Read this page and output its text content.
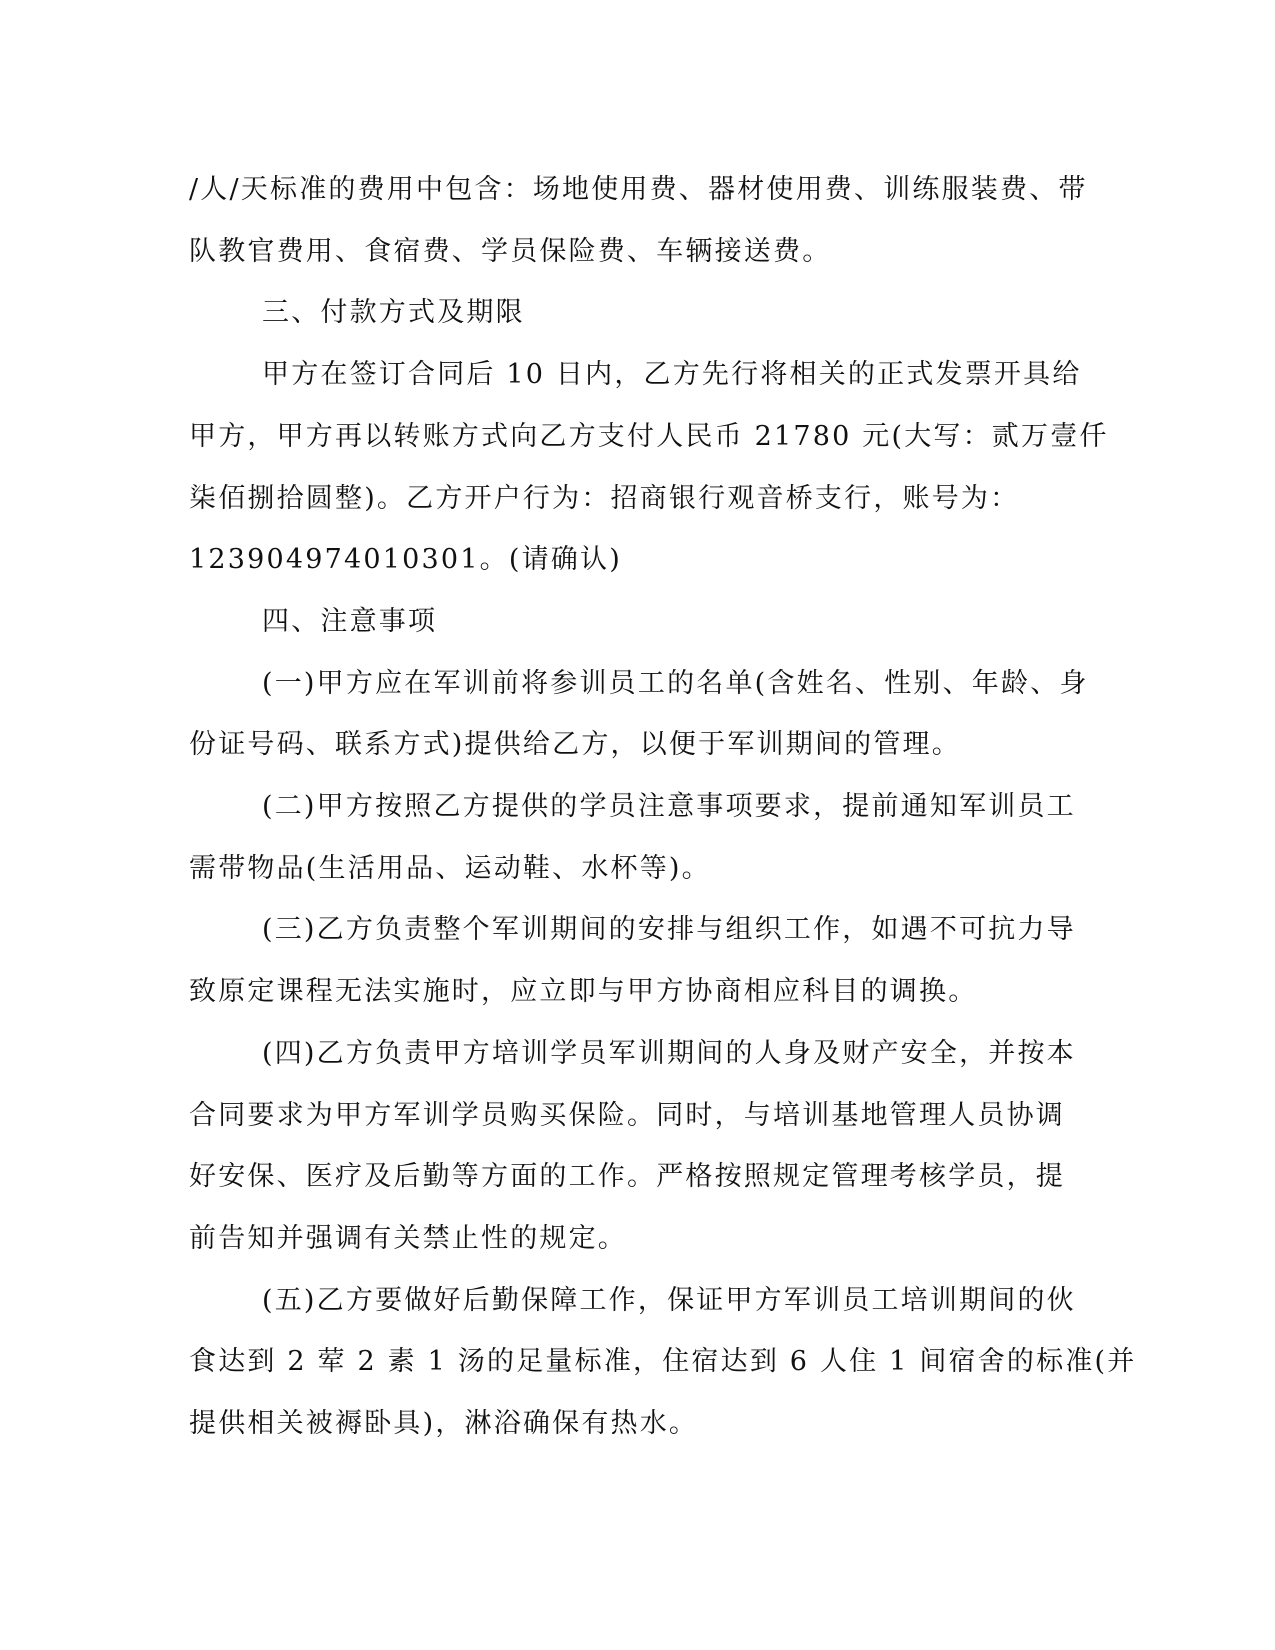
/人/天标准的费用中包含：场地使用费、器材使用费、训练服装费、带
队教官费用、食宿费、学员保险费、车辆接送费。
三、付款方式及期限
甲方在签订合同后 10 日内，乙方先行将相关的正式发票开具给
甲方，甲方再以转账方式向乙方支付人民币 21780 元(大写：贰万壹仟
柒佰捌拾圆整)。乙方开户行为：招商银行观音桥支行，账号为：
123904974010301。(请确认)
四、注意事项
(一)甲方应在军训前将参训员工的名单(含姓名、性别、年龄、身
份证号码、联系方式)提供给乙方，以便于军训期间的管理。
(二)甲方按照乙方提供的学员注意事项要求，提前通知军训员工
需带物品(生活用品、运动鞋、水杯等)。
(三)乙方负责整个军训期间的安排与组织工作，如遇不可抗力导
致原定课程无法实施时，应立即与甲方协商相应科目的调换。
(四)乙方负责甲方培训学员军训期间的人身及财产安全，并按本
合同要求为甲方军训学员购买保险。同时，与培训基地管理人员协调
好安保、医疗及后勤等方面的工作。严格按照规定管理考核学员，提
前告知并强调有关禁止性的规定。
(五)乙方要做好后勤保障工作，保证甲方军训员工培训期间的伙
食达到 2 荤 2 素 1 汤的足量标准，住宿达到 6 人住 1 间宿舍的标准(并
提供相关被褥卧具)，淋浴确保有热水。
